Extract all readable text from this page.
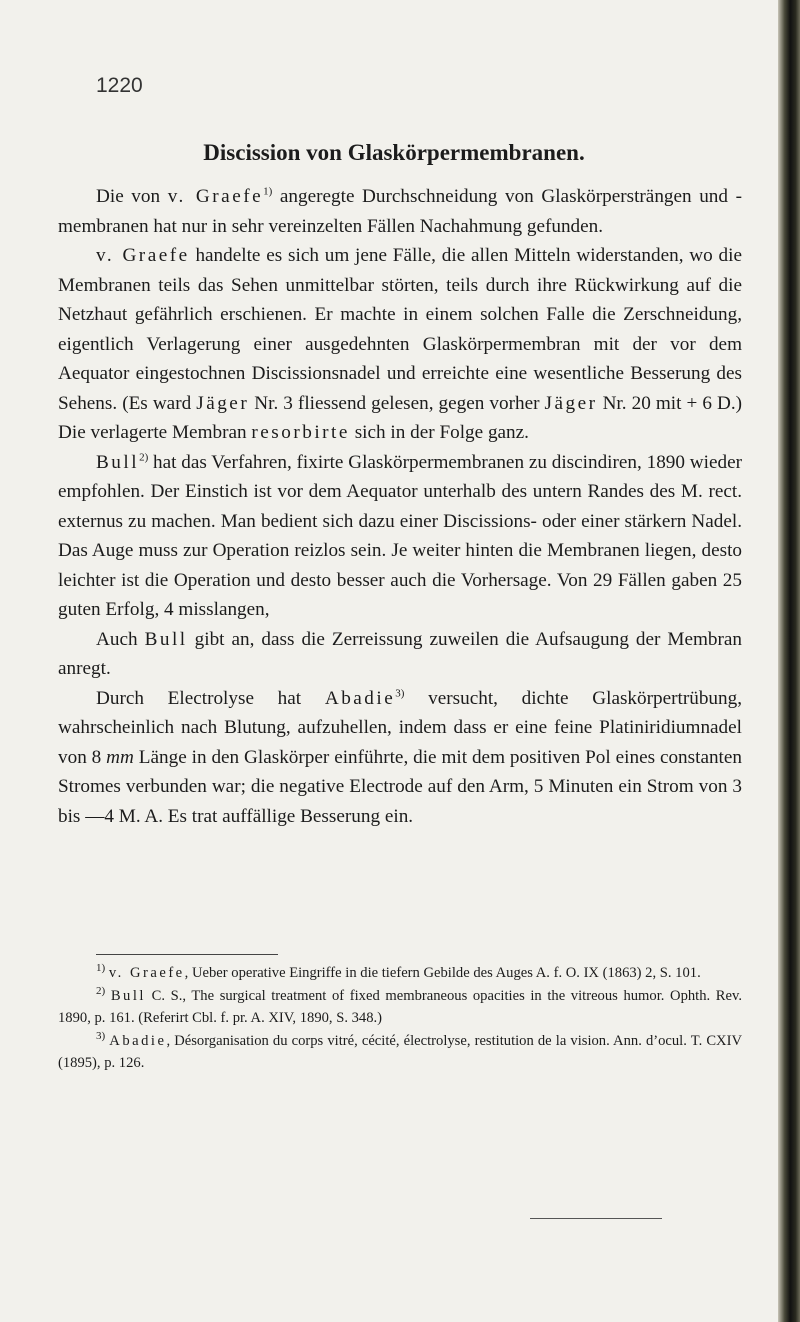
1220
Discission von Glaskörpermembranen.

Die von v. Graefe$^{1)}$ angeregte Durchschneidung von Glaskörpersträngen und -membranen hat nur in sehr vereinzelten Fällen Nachahmung gefunden.

v. Graefe handelte es sich um jene Fälle, die allen Mitteln widerstanden, wo die Membranen teils das Sehen unmittelbar störten, teils durch ihre Rückwirkung auf die Netzhaut gefährlich erschienen. Er machte in einem solchen Falle die Zerschneidung, eigentlich Verlagerung einer ausgedehnten Glaskörpermembran mit der vor dem Aequator eingestochnen Discissionsnadel und erreichte eine wesentliche Besserung des Sehens. (Es ward Jäger Nr. 3 fliessend gelesen, gegen vorher Jäger Nr. 20 mit + 6 D.) Die verlagerte Membran resorbirte sich in der Folge ganz.

Bull$^{2)}$ hat das Verfahren, fixirte Glaskörpermembranen zu discindiren, 1890 wieder empfohlen. Der Einstich ist vor dem Aequator unterhalb des untern Randes des M. rect. externus zu machen. Man bedient sich dazu einer Discissions- oder einer stärkern Nadel. Das Auge muss zur Operation reizlos sein. Je weiter hinten die Membranen liegen, desto leichter ist die Operation und desto besser auch die Vorhersage. Von 29 Fällen gaben 25 guten Erfolg, 4 misslangen,

Auch Bull gibt an, dass die Zerreissung zuweilen die Aufsaugung der Membran anregt.

Durch Electrolyse hat Abadie$^{3)}$ versucht, dichte Glaskörpertrübung, wahrscheinlich nach Blutung, aufzuhellen, indem dass er eine feine Platiniridiumnadel von 8 mm Länge in den Glaskörper einführte, die mit dem positiven Pol eines constanten Stromes verbunden war; die negative Electrode auf den Arm, 5 Minuten ein Strom von 3 bis —4 M. A. Es trat auffällige Besserung ein.

$^{1)}$ v. Graefe, Ueber operative Eingriffe in die tiefern Gebilde des Auges A. f. O. IX (1863) 2, S. 101.

$^{2)}$ Bull C. S., The surgical treatment of fixed membraneous opacities in the vitreous humor. Ophth. Rev. 1890, p. 161. (Referirt Cbl. f. pr. A. XIV, 1890, S. 348.)

$^{3)}$ Abadie, Désorganisation du corps vitré, cécité, électrolyse, restitution de la vision. Ann. d’ocul. T. CXIV (1895), p. 126.
